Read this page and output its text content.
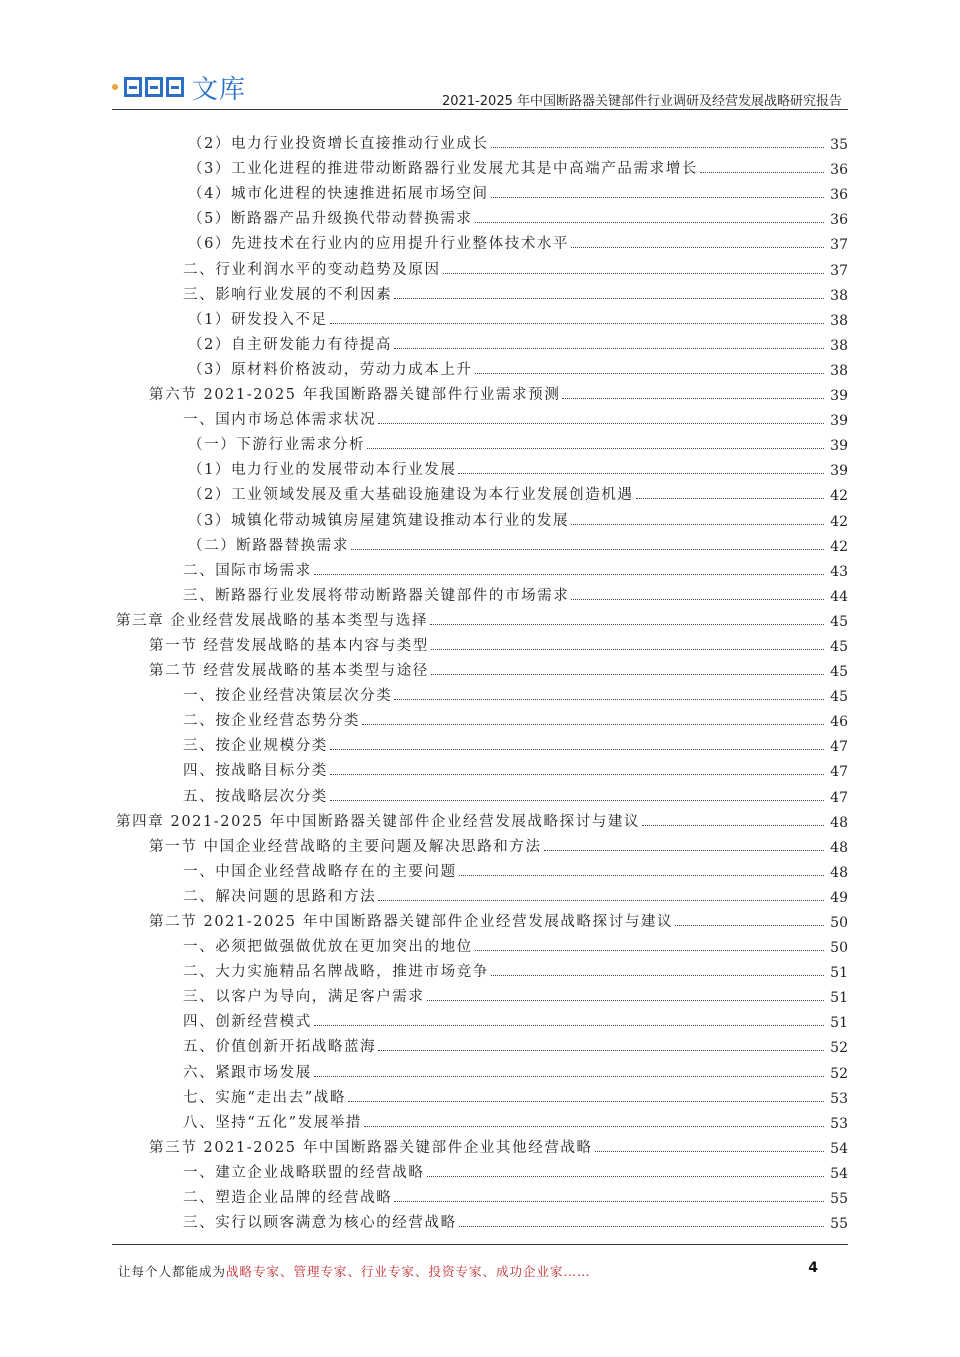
文库	2021-2025 年中国断路器关键部件行业调研及经营发展战略研究报告
（2）电力行业投资增长直接推动行业成长	35
（3）工业化进程的推进带动断路器行业发展尤其是中高端产品需求增长	36
（4）城市化进程的快速推进拓展市场空间	36
（5）断路器产品升级换代带动替换需求	36
（6）先进技术在行业内的应用提升行业整体技术水平	37
二、行业利润水平的变动趋势及原因	37
三、影响行业发展的不利因素	38
（1）研发投入不足	38
（2）自主研发能力有待提高	38
（3）原材料价格波动，劳动力成本上升	38
第六节 2021-2025 年我国断路器关键部件行业需求预测	39
一、国内市场总体需求状况	39
（一）下游行业需求分析	39
（1）电力行业的发展带动本行业发展	39
（2）工业领域发展及重大基础设施建设为本行业发展创造机遇	42
（3）城镇化带动城镇房屋建筑建设推动本行业的发展	42
（二）断路器替换需求	42
二、国际市场需求	43
三、断路器行业发展将带动断路器关键部件的市场需求	44
第三章 企业经营发展战略的基本类型与选择	45
第一节 经营发展战略的基本内容与类型	45
第二节 经营发展战略的基本类型与途径	45
一、按企业经营决策层次分类	45
二、按企业经营态势分类	46
三、按企业规模分类	47
四、按战略目标分类	47
五、按战略层次分类	47
第四章 2021-2025 年中国断路器关键部件企业经营发展战略探讨与建议	48
第一节 中国企业经营战略的主要问题及解决思路和方法	48
一、中国企业经营战略存在的主要问题	48
二、解决问题的思路和方法	49
第二节 2021-2025 年中国断路器关键部件企业经营发展战略探讨与建议	50
一、必须把做强做优放在更加突出的地位	50
二、大力实施精品名牌战略，推进市场竞争	51
三、以客户为导向，满足客户需求	51
四、创新经营模式	51
五、价值创新开拓战略蓝海	52
六、紧跟市场发展	52
七、实施“走出去”战略	53
八、坚持“五化”发展举措	53
第三节 2021-2025 年中国断路器关键部件企业其他经营战略	54
一、建立企业战略联盟的经营战略	54
二、塑造企业品牌的经营战略	55
三、实行以顾客满意为核心的经营战略	55
让每个人都能成为战略专家、管理专家、行业专家、投资专家、成功企业家……	4
